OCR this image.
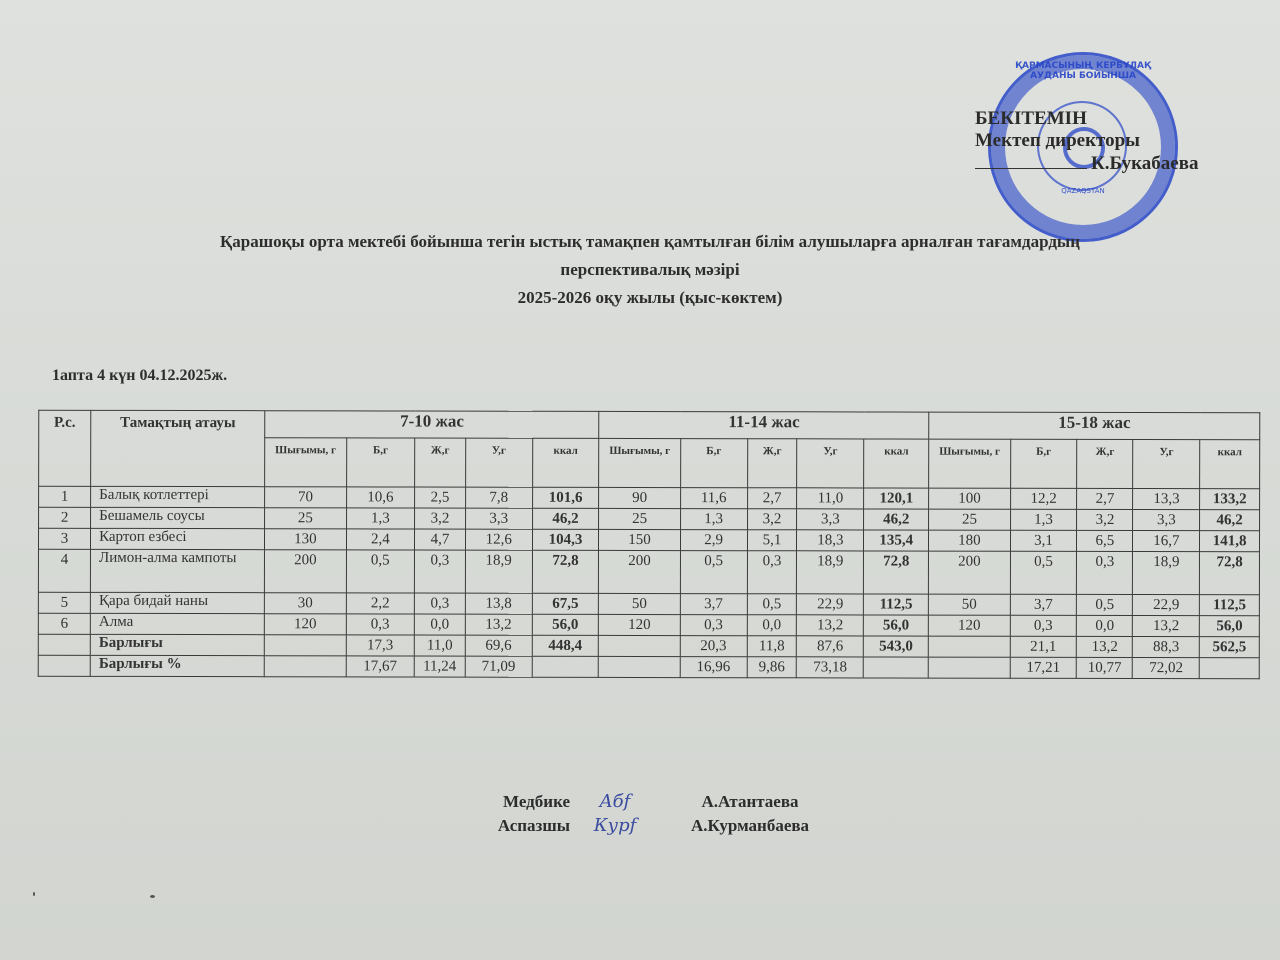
ҚАРМАСЫНЫҢ КЕРБҰЛАҚ АУДАНЫ БОЙЫНША
QAZAQSTAN
БЕКІТЕМІН
Мектеп директоры
К.Букабаева
Қарашоқы орта мектебі бойынша тегін ыстық тамақпен қамтылған білім алушыларға арналған тағамдардың
перспективалық мәзірі
2025-2026 оқу жылы (қыс-көктем)
1апта 4 күн 04.12.2025ж.
Р.с.	Тамақтың атауы	7-10 жас					11-14 жас					15-18 жас				
		Шығымы, г	Б,г	Ж,г	У,г	ккал	Шығымы, г	Б,г	Ж,г	У,г	ккал	Шығымы, г	Б,г	Ж,г	У,г	ккал
1	Балық котлеттері	70	10,6	2,5	7,8	101,6	90	11,6	2,7	11,0	120,1	100	12,2	2,7	13,3	133,2
2	Бешамель соусы	25	1,3	3,2	3,3	46,2	25	1,3	3,2	3,3	46,2	25	1,3	3,2	3,3	46,2
3	Картоп езбесі	130	2,4	4,7	12,6	104,3	150	2,9	5,1	18,3	135,4	180	3,1	6,5	16,7	141,8
4	Лимон-алма кампоты	200	0,5	0,3	18,9	72,8	200	0,5	0,3	18,9	72,8	200	0,5	0,3	18,9	72,8
5	Қара бидай наны	30	2,2	0,3	13,8	67,5	50	3,7	0,5	22,9	112,5	50	3,7	0,5	22,9	112,5
6	Алма	120	0,3	0,0	13,2	56,0	120	0,3	0,0	13,2	56,0	120	0,3	0,0	13,2	56,0
	Барлығы		17,3	11,0	69,6	448,4		20,3	11,8	87,6	543,0		21,1	13,2	88,3	562,5
	Барлығы %		17,67	11,24	71,09			16,96	9,86	73,18			17,21	10,77	72,02	
Медбике	Aбf	А.Атантаева
Аспазшы	Курf	А.Курманбаева
